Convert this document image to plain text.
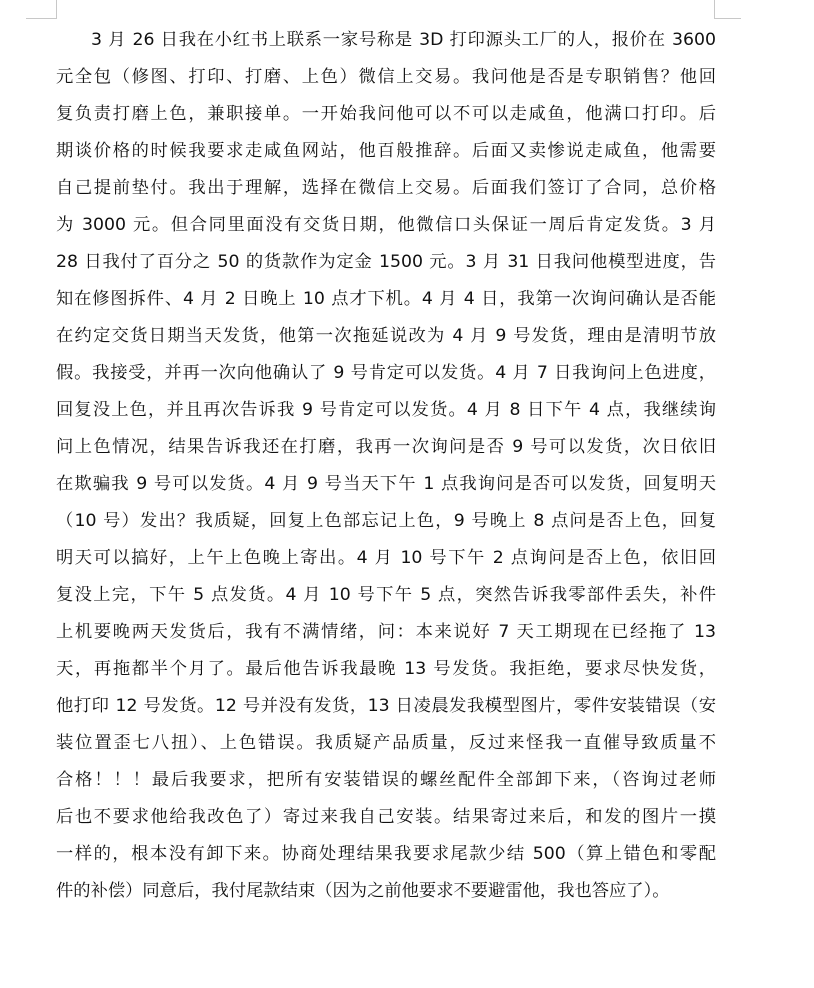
3 月 26 日我在小红书上联系一家号称是 3D 打印源头工厂的人，报价在 3600
元全包（修图、打印、打磨、上色）微信上交易。我问他是否是专职销售？他回
复负责打磨上色，兼职接单。一开始我问他可以不可以走咸鱼，他满口打印。后
期谈价格的时候我要求走咸鱼网站，他百般推辞。后面又卖惨说走咸鱼，他需要
自己提前垫付。我出于理解，选择在微信上交易。后面我们签订了合同，总价格
为 3000 元。但合同里面没有交货日期，他微信口头保证一周后肯定发货。3 月
28 日我付了百分之 50 的货款作为定金 1500 元。3 月 31 日我问他模型进度，告
知在修图拆件、4 月 2 日晚上 10 点才下机。4 月 4 日，我第一次询问确认是否能
在约定交货日期当天发货，他第一次拖延说改为 4 月 9 号发货，理由是清明节放
假。我接受，并再一次向他确认了 9 号肯定可以发货。4 月 7 日我询问上色进度，
回复没上色，并且再次告诉我 9 号肯定可以发货。4 月 8 日下午 4 点，我继续询
问上色情况，结果告诉我还在打磨，我再一次询问是否 9 号可以发货，次日依旧
在欺骗我 9 号可以发货。4 月 9 号当天下午 1 点我询问是否可以发货，回复明天
（10 号）发出？我质疑，回复上色部忘记上色，9 号晚上 8 点问是否上色，回复
明天可以搞好，上午上色晚上寄出。4 月 10 号下午 2 点询问是否上色，依旧回
复没上完，下午 5 点发货。4 月 10 号下午 5 点，突然告诉我零部件丢失，补件
上机要晚两天发货后，我有不满情绪，问：本来说好 7 天工期现在已经拖了 13
天，再拖都半个月了。最后他告诉我最晚 13 号发货。我拒绝，要求尽快发货，
他打印 12 号发货。12 号并没有发货，13 日凌晨发我模型图片，零件安装错误（安
装位置歪七八扭）、上色错误。我质疑产品质量，反过来怪我一直催导致质量不
合格！！！最后我要求，把所有安装错误的螺丝配件全部卸下来，（咨询过老师
后也不要求他给我改色了）寄过来我自己安装。结果寄过来后，和发的图片一摸
一样的，根本没有卸下来。协商处理结果我要求尾款少结 500（算上错色和零配
件的补偿）同意后，我付尾款结束（因为之前他要求不要避雷他，我也答应了）。
